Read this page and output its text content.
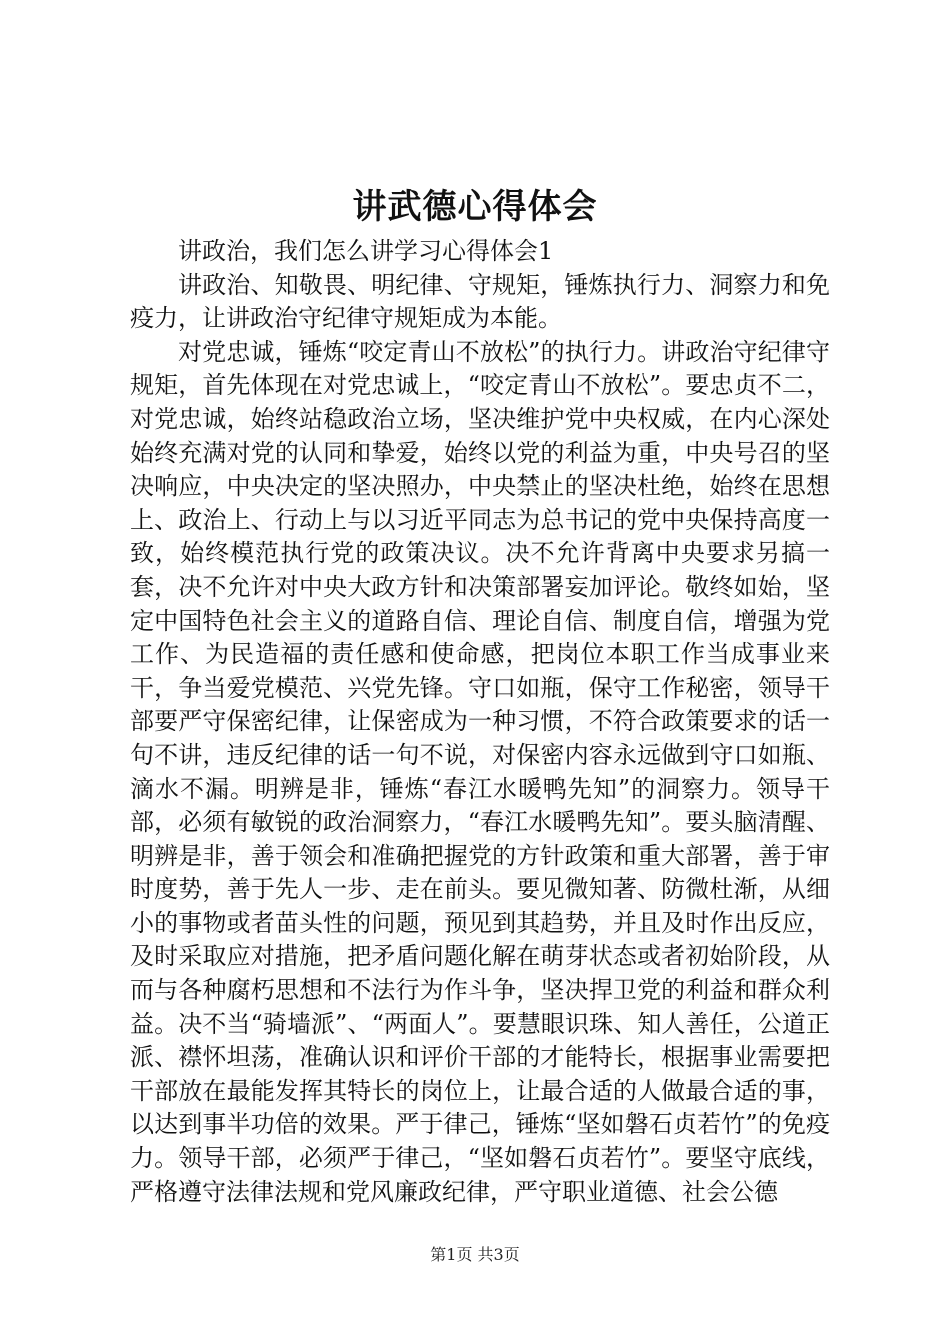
讲武德心得体会

讲政治，我们怎么讲学习心得体会1

讲政治、知敬畏、明纪律、守规矩，锤炼执行力、洞察力和免疫力，让讲政治守纪律守规矩成为本能。

对党忠诚，锤炼“咬定青山不放松”的执行力。讲政治守纪律守规矩，首先体现在对党忠诚上，“咬定青山不放松”。要忠贞不二，对党忠诚，始终站稳政治立场，坚决维护党中央权威，在内心深处始终充满对党的认同和挚爱，始终以党的利益为重，中央号召的坚决响应，中央决定的坚决照办，中央禁止的坚决杜绝，始终在思想上、政治上、行动上与以习近平同志为总书记的党中央保持高度一致，始终模范执行党的政策决议。决不允许背离中央要求另搞一套，决不允许对中央大政方针和决策部署妄加评论。敬终如始，坚定中国特色社会主义的道路自信、理论自信、制度自信，增强为党工作、为民造福的责任感和使命感，把岗位本职工作当成事业来干，争当爱党模范、兴党先锋。守口如瓶，保守工作秘密，领导干部要严守保密纪律，让保密成为一种习惯，不符合政策要求的话一句不讲，违反纪律的话一句不说，对保密内容永远做到守口如瓶、滴水不漏。明辨是非，锤炼“春江水暖鸭先知”的洞察力。领导干部，必须有敏锐的政治洞察力，“春江水暖鸭先知”。要头脑清醒、明辨是非，善于领会和准确把握党的方针政策和重大部署，善于审时度势，善于先人一步、走在前头。要见微知著、防微杜渐，从细小的事物或者苗头性的问题，预见到其趋势，并且及时作出反应，及时采取应对措施，把矛盾问题化解在萌芽状态或者初始阶段，从而与各种腐朽思想和不法行为作斗争，坚决捍卫党的利益和群众利益。决不当“骑墙派”、“两面人”。要慧眼识珠、知人善任，公道正派、襟怀坦荡，准确认识和评价干部的才能特长，根据事业需要把干部放在最能发挥其特长的岗位上，让最合适的人做最合适的事，以达到事半功倍的效果。严于律己，锤炼“坚如磐石贞若竹”的免疫力。领导干部，必须严于律己，“坚如磐石贞若竹”。要坚守底线，严格遵守法律法规和党风廉政纪律，严守职业道德、社会公德

第1页 共3页
